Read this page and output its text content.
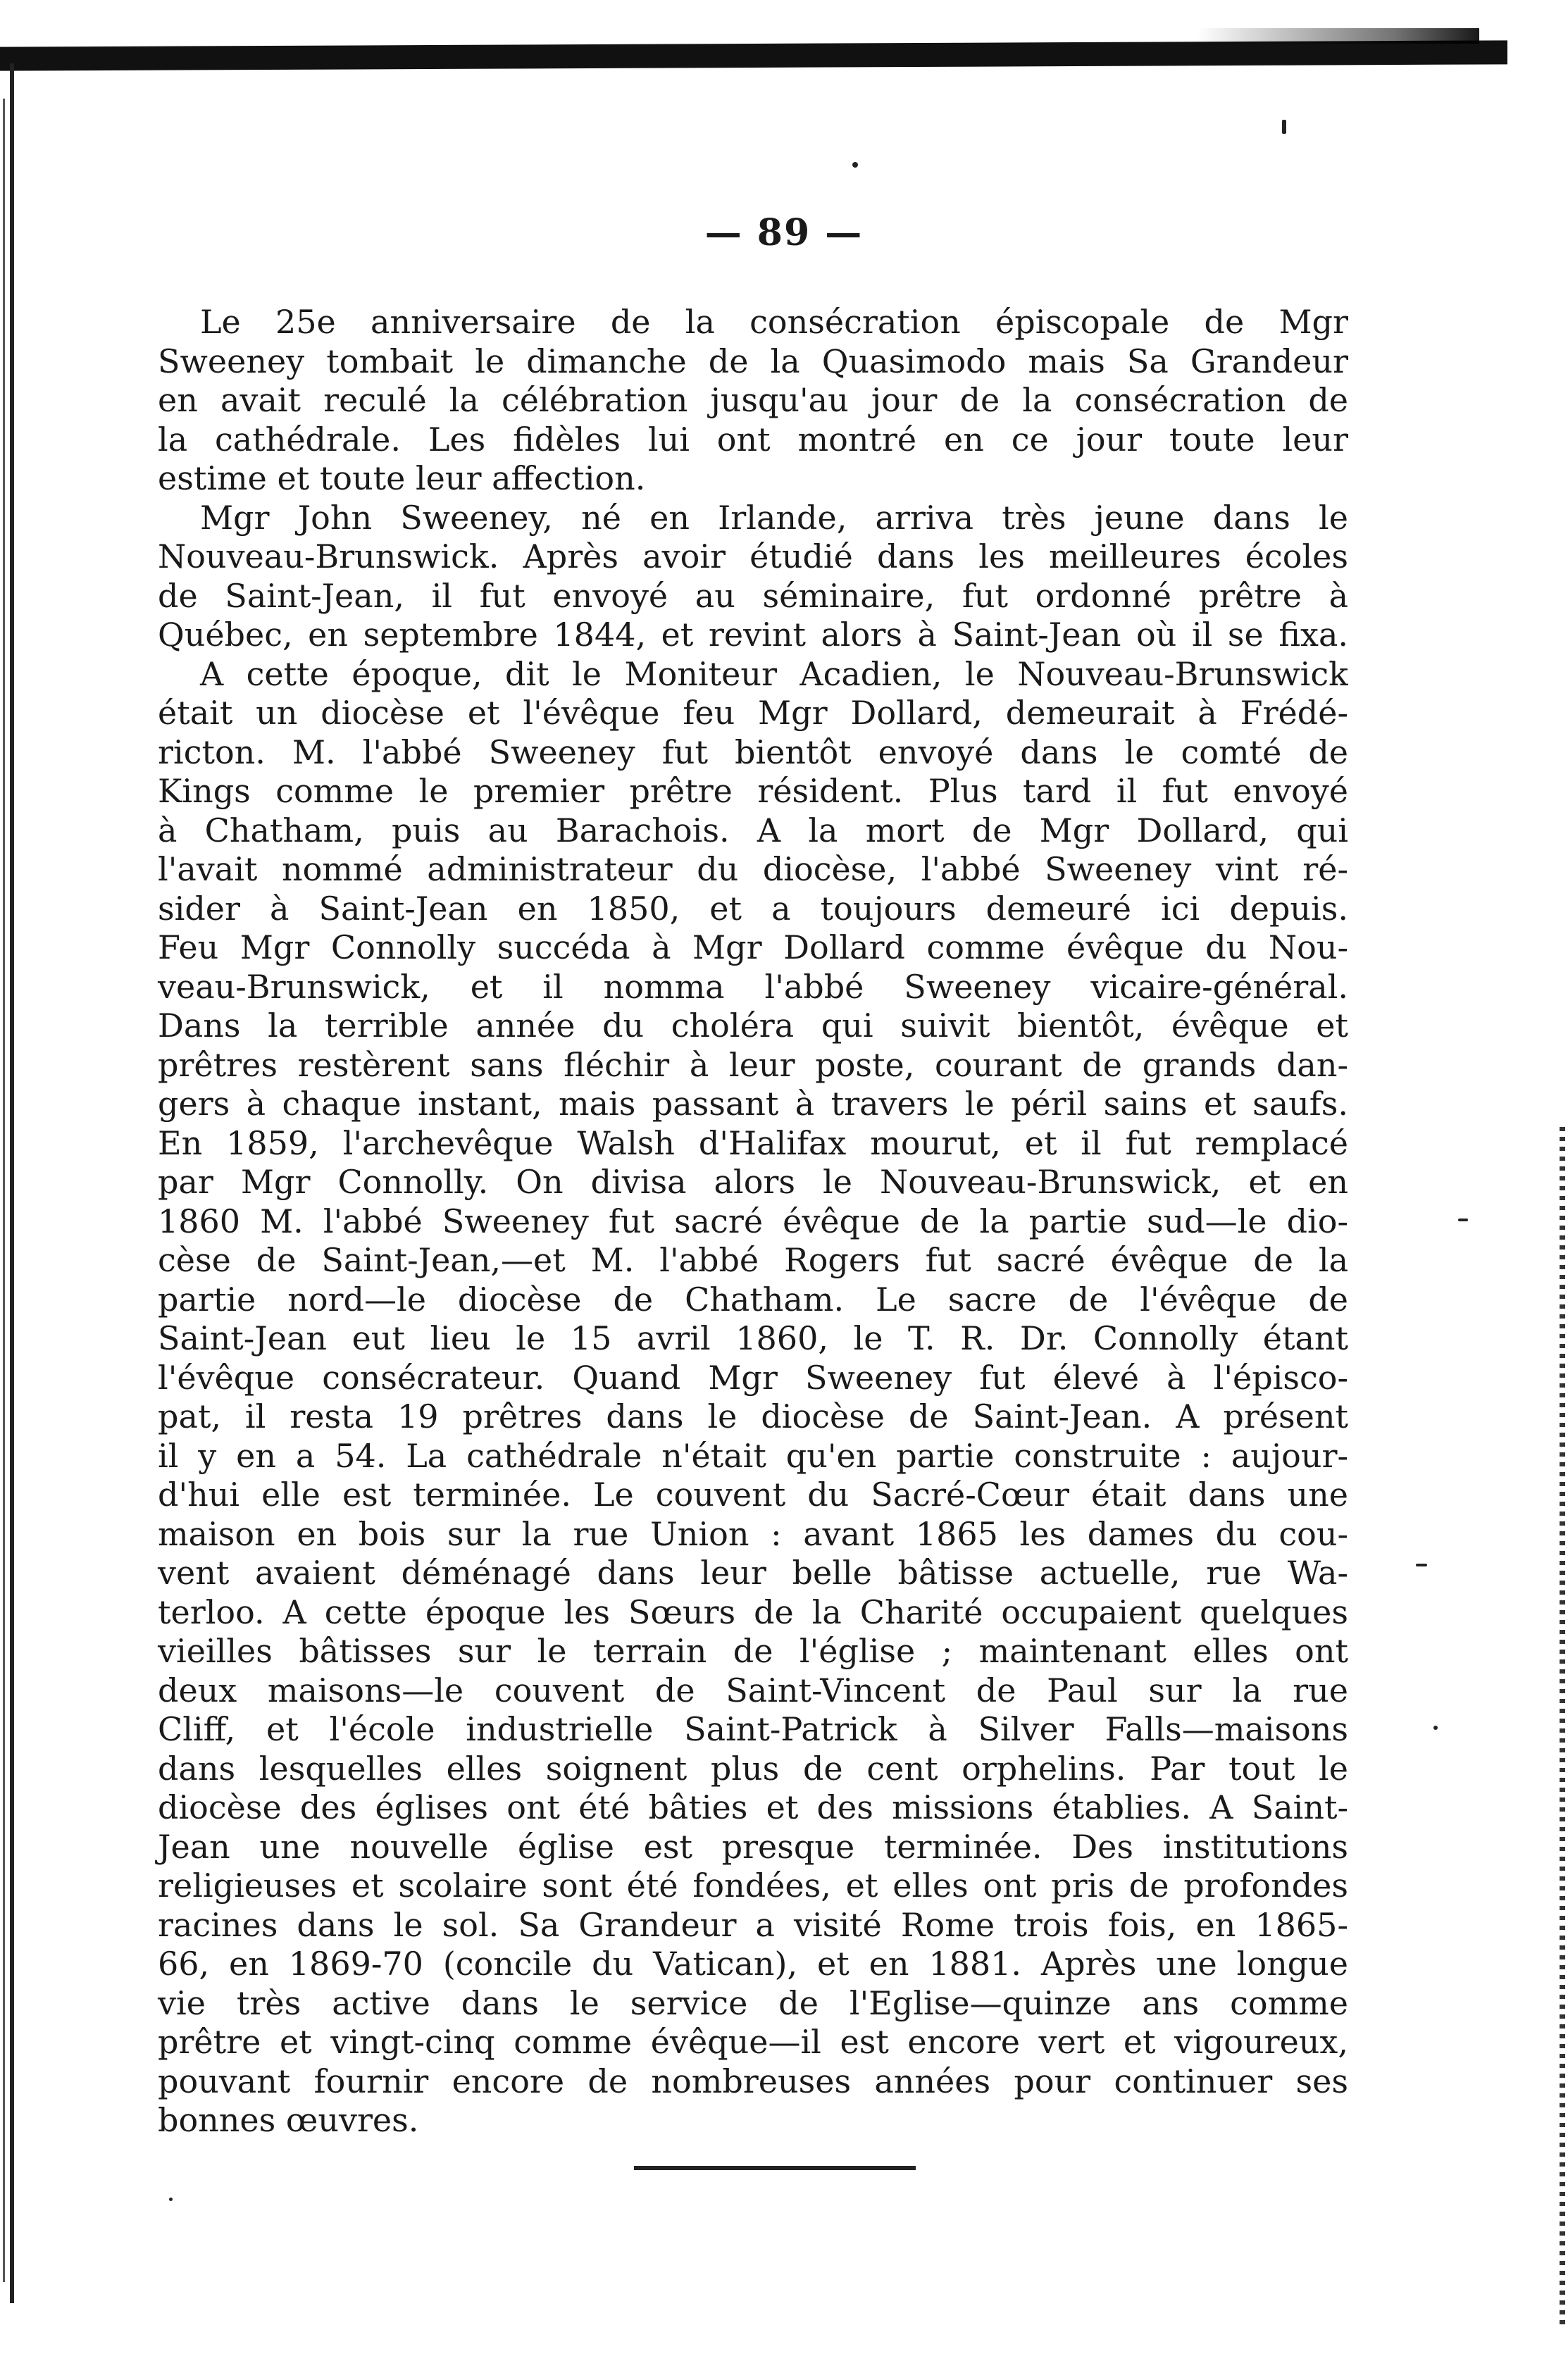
— 89 —

Le 25e anniversaire de la consécration épiscopale de Mgr
Sweeney tombait le dimanche de la Quasimodo mais Sa Grandeur
en avait reculé la célébration jusqu'au jour de la consécration de
la cathédrale. Les fidèles lui ont montré en ce jour toute leur
estime et toute leur affection.

Mgr John Sweeney, né en Irlande, arriva très jeune dans le
Nouveau-Brunswick. Après avoir étudié dans les meilleures écoles
de Saint-Jean, il fut envoyé au séminaire, fut ordonné prêtre à
Québec, en septembre 1844, et revint alors à Saint-Jean où il se fixa.
A cette époque, dit le Moniteur Acadien, le Nouveau-Brunswick
était un diocèse et l'évêque feu Mgr Dollard, demeurait à Frédé-
ricton. M. l'abbé Sweeney fut bientôt envoyé dans le comté de
Kings comme le premier prêtre résident. Plus tard il fut envoyé
à Chatham, puis au Barachois. A la mort de Mgr Dollard, qui
l'avait nommé administrateur du diocèse, l'abbé Sweeney vint ré-
sider à Saint-Jean en 1850, et a toujours demeuré ici depuis.
Feu Mgr Connolly succéda à Mgr Dollard comme évêque du Nou-
veau-Brunswick, et il nomma l'abbé Sweeney vicaire-général.
Dans la terrible année du choléra qui suivit bientôt, évêque et
prêtres restèrent sans fléchir à leur poste, courant de grands dan-
gers à chaque instant, mais passant à travers le péril sains et saufs.
En 1859, l'archevêque Walsh d'Halifax mourut, et il fut remplacé
par Mgr Connolly. On divisa alors le Nouveau-Brunswick, et en
1860 M. l'abbé Sweeney fut sacré évêque de la partie sud—le dio-
cèse de Saint-Jean,—et M. l'abbé Rogers fut sacré évêque de la
partie nord—le diocèse de Chatham. Le sacre de l'évêque de
Saint-Jean eut lieu le 15 avril 1860, le T. R. Dr. Connolly étant
l'évêque consécrateur. Quand Mgr Sweeney fut élevé à l'épisco-
pat, il resta 19 prêtres dans le diocèse de Saint-Jean. A présent
il y en a 54. La cathédrale n'était qu'en partie construite : aujour-
d'hui elle est terminée. Le couvent du Sacré-Cœur était dans une
maison en bois sur la rue Union : avant 1865 les dames du cou-
vent avaient déménagé dans leur belle bâtisse actuelle, rue Wa-
terloo. A cette époque les Sœurs de la Charité occupaient quelques
vieilles bâtisses sur le terrain de l'église ; maintenant elles ont
deux maisons—le couvent de Saint-Vincent de Paul sur la rue
Cliff, et l'école industrielle Saint-Patrick à Silver Falls—maisons
dans lesquelles elles soignent plus de cent orphelins. Par tout le
diocèse des églises ont été bâties et des missions établies. A Saint-
Jean une nouvelle église est presque terminée. Des institutions
religieuses et scolaire sont été fondées, et elles ont pris de profondes
racines dans le sol. Sa Grandeur a visité Rome trois fois, en 1865-
66, en 1869-70 (concile du Vatican), et en 1881. Après une longue
vie très active dans le service de l'Eglise—quinze ans comme
prêtre et vingt-cinq comme évêque—il est encore vert et vigoureux,
pouvant fournir encore de nombreuses années pour continuer ses
bonnes œuvres.
